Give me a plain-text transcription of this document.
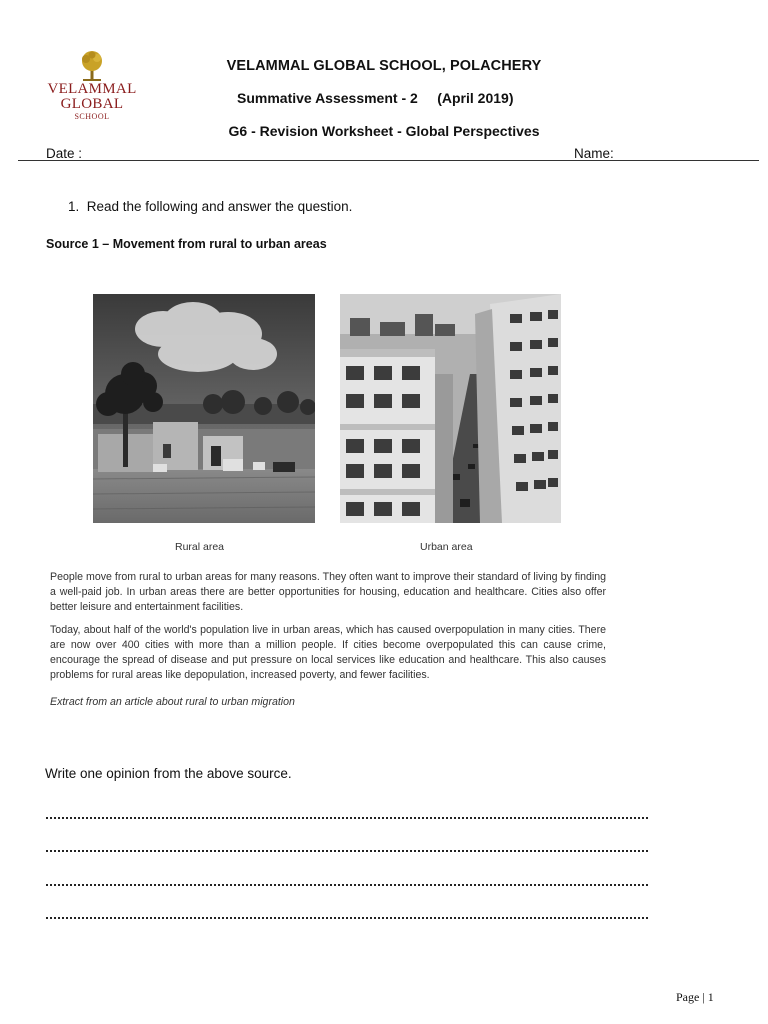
VELAMMAL
GLOBAL
SCHOOL
VELAMMAL GLOBAL SCHOOL, POLACHERY
Summative Assessment - 2     (April 2019)
G6 - Revision Worksheet - Global Perspectives
Date :	Name:
1.  Read the following and answer the question.
Source 1 – Movement from rural to urban areas
Rural area	Urban area

People move from rural to urban areas for many reasons. They often want to improve their standard of living by finding a well-paid job. In urban areas there are better opportunities for housing, education and healthcare. Cities also offer better leisure and entertainment facilities.

Today, about half of the world's population live in urban areas, which has caused overpopulation in many cities. There are now over 400 cities with more than a million people. If cities become overpopulated this can cause crime, encourage the spread of disease and put pressure on local services like education and healthcare. This also causes problems for rural areas like depopulation, increased poverty, and fewer facilities.

Extract from an article about rural to urban migration

Write one opinion from the above source.
Page | 1
